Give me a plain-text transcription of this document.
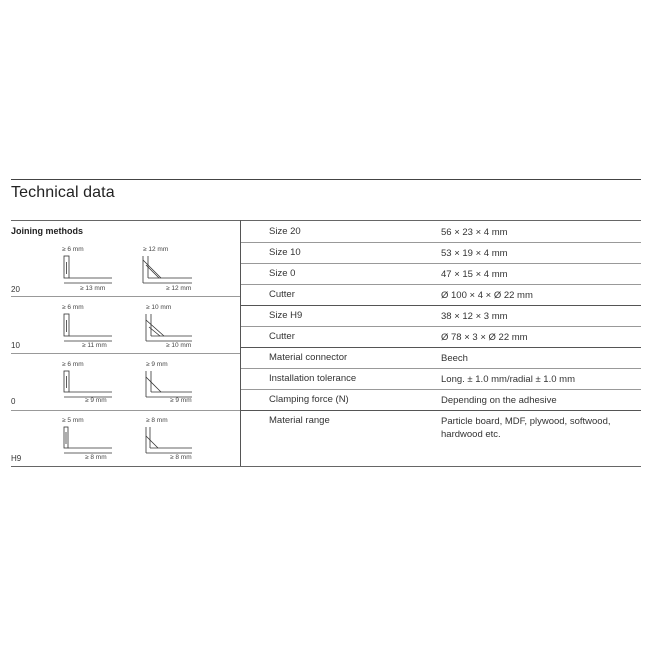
Technical data
Joining methods
20
≥ 6 mm
≥ 13 mm
≥ 12 mm
≥ 12 mm
10
≥ 6 mm
≥ 11 mm
≥ 10 mm
≥ 10 mm
0
≥ 6 mm
≥ 9 mm
≥ 9 mm
≥ 9 mm
H9
≥ 5 mm
≥ 8 mm
≥ 8 mm
≥ 8 mm
Size 20	56 × 23 × 4 mm
Size 10	53 × 19 × 4 mm
Size 0	47 × 15 × 4 mm
Cutter	Ø 100 × 4 × Ø 22 mm
Size H9	38 × 12 × 3 mm
Cutter	Ø 78 × 3 × Ø 22 mm
Material connector	Beech
Installation tolerance	Long. ± 1.0 mm/radial ± 1.0 mm
Clamping force (N)	Depending on the adhesive
Material range	Particle board, MDF, plywood, softwood, hardwood etc.
